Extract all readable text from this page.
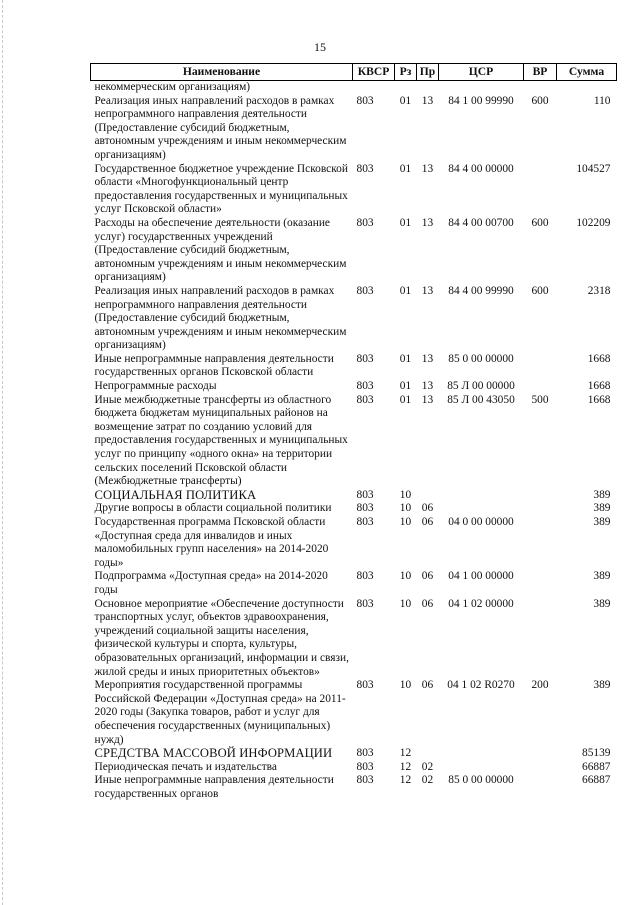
15
Наименование	КВСР	Рз	Пр	ЦСР	ВР	Сумма
некоммерческим организациям)						
Реализация иных направлений расходов в рамках непрограммного направления деятельности (Предоставление субсидий бюджетным, автономным учреждениям и иным некоммерческим организациям)	803	01	13	84 1 00 99990	600	110
Государственное бюджетное учреждение Псковской области «Многофункциональный центр предоставления государственных и муниципальных услуг Псковской области»	803	01	13	84 4 00 00000		104527
Расходы на обеспечение деятельности (оказание услуг) государственных учреждений (Предоставление субсидий бюджетным, автономным учреждениям и иным некоммерческим организациям)	803	01	13	84 4 00 00700	600	102209
Реализация иных направлений расходов в рамках непрограммного направления деятельности (Предоставление субсидий бюджетным, автономным учреждениям и иным некоммерческим организациям)	803	01	13	84 4 00 99990	600	2318
Иные непрограммные направления деятельности государственных органов Псковской области	803	01	13	85 0 00 00000		1668
Непрограммные расходы	803	01	13	85 Л 00 00000		1668
Иные межбюджетные трансферты из областного бюджета бюджетам муниципальных районов на возмещение затрат по созданию условий для предоставления государственных и муниципальных услуг по принципу «одного окна» на территории сельских поселений Псковской области (Межбюджетные трансферты)	803	01	13	85 Л 00 43050	500	1668
СОЦИАЛЬНАЯ ПОЛИТИКА	803	10				389
Другие вопросы в области социальной политики	803	10	06			389
Государственная программа Псковской области «Доступная среда для инвалидов и иных маломобильных групп населения» на 2014-2020 годы»	803	10	06	04 0 00 00000		389
Подпрограмма «Доступная среда» на 2014-2020 годы	803	10	06	04 1 00 00000		389
Основное мероприятие «Обеспечение доступности транспортных услуг, объектов здравоохранения, учреждений социальной защиты населения, физической культуры и спорта, культуры, образовательных организаций, информации и связи, жилой среды и иных приоритетных объектов»	803	10	06	04 1 02 00000		389
Мероприятия государственной программы Российской Федерации «Доступная среда» на 2011-2020 годы (Закупка товаров, работ и услуг для обеспечения государственных (муниципальных) нужд)	803	10	06	04 1 02 R0270	200	389
СРЕДСТВА МАССОВОЙ ИНФОРМАЦИИ	803	12				85139
Периодическая печать и издательства	803	12	02			66887
Иные непрограммные направления деятельности государственных органов	803	12	02	85 0 00 00000		66887
